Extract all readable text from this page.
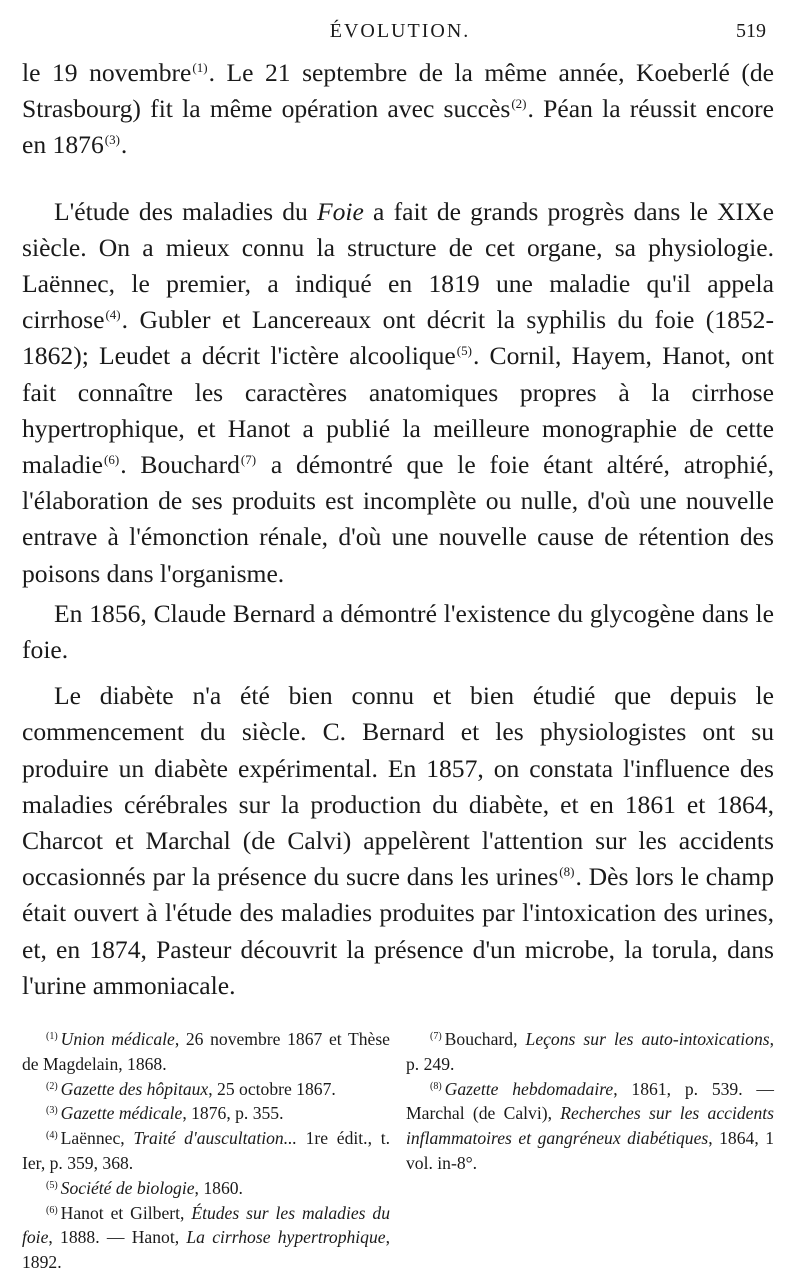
ÉVOLUTION.	519

le 19 novembre$^{(1)}$. Le 21 septembre de la même année, Koeberlé (de Strasbourg) fit la même opération avec succès$^{(2)}$. Péan la réussit encore en 1876$^{(3)}$.

L'étude des maladies du Foie a fait de grands progrès dans le XIXe siècle. On a mieux connu la structure de cet organe, sa physiologie. Laënnec, le premier, a indiqué en 1819 une maladie qu'il appela cirrhose$^{(4)}$. Gubler et Lancereaux ont décrit la syphilis du foie (1852-1862); Leudet a décrit l'ictère alcoolique$^{(5)}$. Cornil, Hayem, Hanot, ont fait connaître les caractères anatomiques propres à la cirrhose hypertrophique, et Hanot a publié la meilleure monographie de cette maladie$^{(6)}$. Bouchard$^{(7)}$ a démontré que le foie étant altéré, atrophié, l'élaboration de ses produits est incomplète ou nulle, d'où une nouvelle entrave à l'émonction rénale, d'où une nouvelle cause de rétention des poisons dans l'organisme.

En 1856, Claude Bernard a démontré l'existence du glycogène dans le foie.

Le diabète n'a été bien connu et bien étudié que depuis le commencement du siècle. C. Bernard et les physiologistes ont su produire un diabète expérimental. En 1857, on constata l'influence des maladies cérébrales sur la production du diabète, et en 1861 et 1864, Charcot et Marchal (de Calvi) appelèrent l'attention sur les accidents occasionnés par la présence du sucre dans les urines$^{(8)}$. Dès lors le champ était ouvert à l'étude des maladies produites par l'intoxication des urines, et, en 1874, Pasteur découvrit la présence d'un microbe, la torula, dans l'urine ammoniacale.

$^{(1)}$ Union médicale, 26 novembre 1867 et Thèse de Magdelain, 1868.

$^{(2)}$ Gazette des hôpitaux, 25 octobre 1867.

$^{(3)}$ Gazette médicale, 1876, p. 355.

$^{(4)}$ Laënnec, Traité d'auscultation... 1re édit., t. Ier, p. 359, 368.

$^{(5)}$ Société de biologie, 1860.

$^{(6)}$ Hanot et Gilbert, Études sur les maladies du foie, 1888. — Hanot, La cirrhose hypertrophique, 1892.

$^{(7)}$ Bouchard, Leçons sur les auto-intoxications, p. 249.

$^{(8)}$ Gazette hebdomadaire, 1861, p. 539. — Marchal (de Calvi), Recherches sur les accidents inflammatoires et gangréneux diabétiques, 1864, 1 vol. in-8°.
